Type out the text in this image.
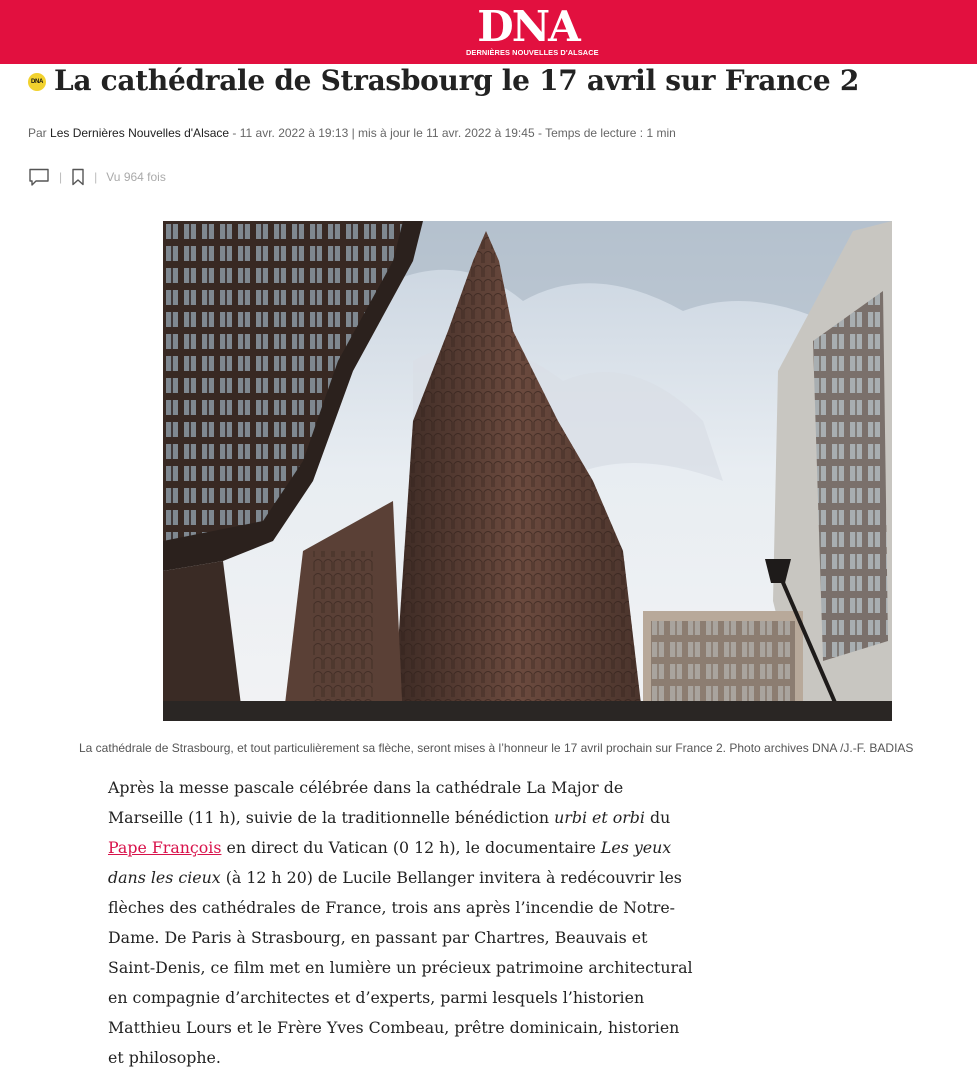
DNA
DERNIÈRES NOUVELLES D'ALSACE
DNA La cathédrale de Strasbourg le 17 avril sur France 2
Par Les Dernières Nouvelles d'Alsace - 11 avr. 2022 à 19:13 | mis à jour le 11 avr. 2022 à 19:45 - Temps de lecture : 1 min
|	| Vu 964 fois
La cathédrale de Strasbourg, et tout particulièrement sa flèche, seront mises à l’honneur le 17 avril prochain sur France 2. Photo archives DNA /J.-F. BADIAS

Après la messe pascale célébrée dans la cathédrale La Major de Marseille (11 h), suivie de la traditionnelle bénédiction urbi et orbi du Pape François en direct du Vatican (0 12 h), le documentaire Les yeux dans les cieux (à 12 h 20) de Lucile Bellanger invitera à redécouvrir les flèches des cathédrales de France, trois ans après l’incendie de Notre-Dame. De Paris à Strasbourg, en passant par Chartres, Beauvais et Saint-Denis, ce film met en lumière un précieux patrimoine architectural en compagnie d’architectes et d’experts, parmi lesquels l’historien Matthieu Lours et le Frère Yves Combeau, prêtre dominicain, historien et philosophe.
